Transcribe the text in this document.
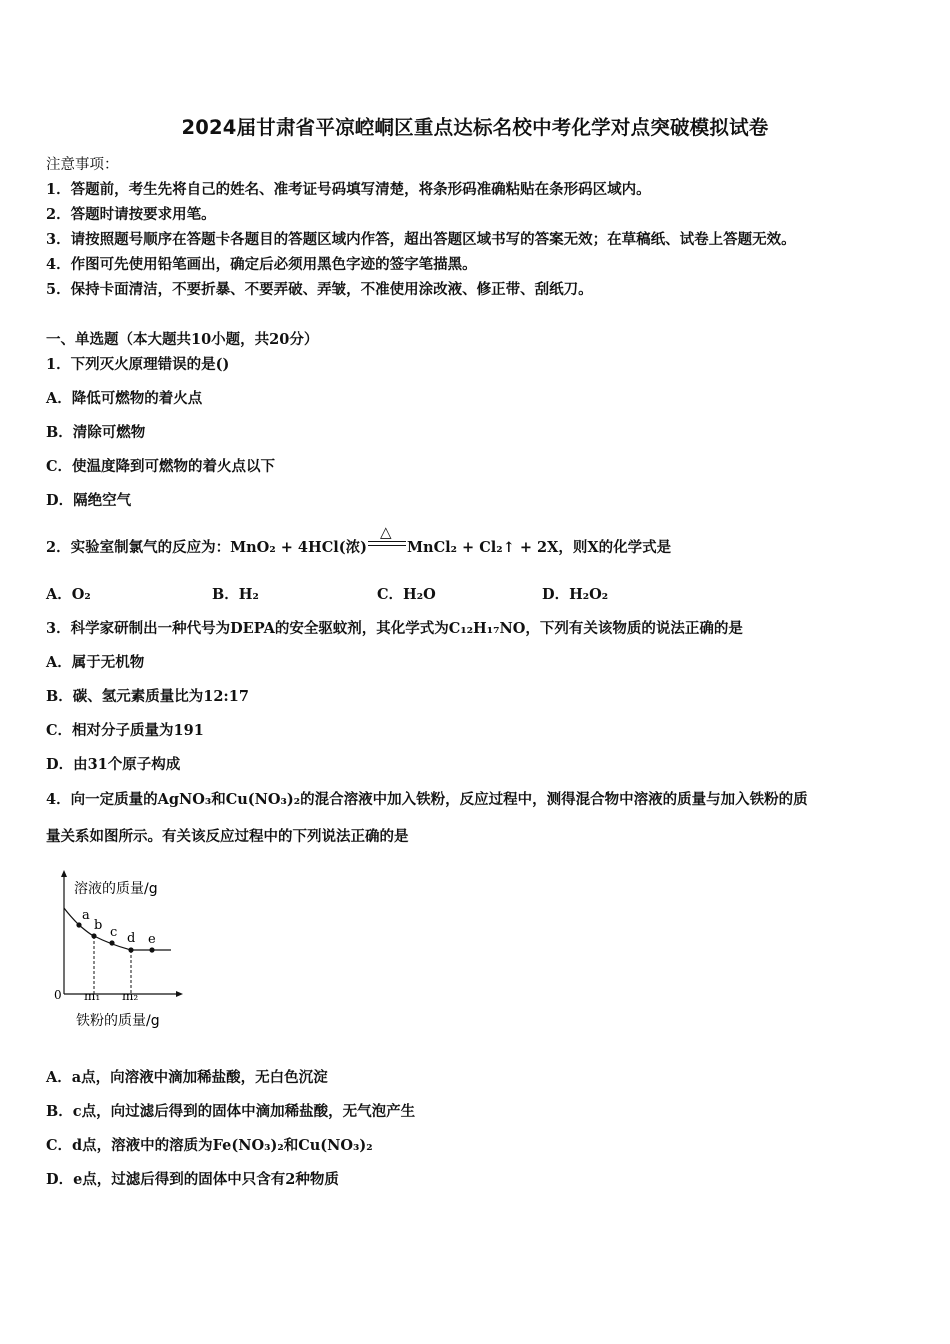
2024届甘肃省平凉崆峒区重点达标名校中考化学对点突破模拟试卷
注意事项：
1．答题前，考生先将自己的姓名、准考证号码填写清楚，将条形码准确粘贴在条形码区域内。
2．答题时请按要求用笔。
3．请按照题号顺序在答题卡各题目的答题区域内作答，超出答题区域书写的答案无效；在草稿纸、试卷上答题无效。
4．作图可先使用铅笔画出，确定后必须用黑色字迹的签字笔描黑。
5．保持卡面清洁，不要折暴、不要弄破、弄皱，不准使用涂改液、修正带、刮纸刀。
一、单选题（本大题共10小题，共20分）
1．下列灭火原理错误的是()
A．降低可燃物的着火点
B．清除可燃物
C．使温度降到可燃物的着火点以下
D．隔绝空气
2．实验室制氯气的反应为：MnO₂ + 4HCl(浓)
△
MnCl₂ + Cl₂↑ + 2X，则X的化学式是
A．O₂	B．H₂	C．H₂O	D．H₂O₂
3．科学家研制出一种代号为DEPA的安全驱蚊剂，其化学式为C₁₂H₁₇NO，下列有关该物质的说法正确的是
A．属于无机物
B．碳、氢元素质量比为12:17
C．相对分子质量为191
D．由31个原子构成
4．向一定质量的AgNO₃和Cu(NO₃)₂的混合溶液中加入铁粉，反应过程中，测得混合物中溶液的质量与加入铁粉的质
量关系如图所示。有关该反应过程中的下列说法正确的是
溶液的质量/g
a
b c d e
0 m₁ m₂
铁粉的质量/g
A．a点，向溶液中滴加稀盐酸，无白色沉淀
B．c点，向过滤后得到的固体中滴加稀盐酸，无气泡产生
C．d点，溶液中的溶质为Fe(NO₃)₂和Cu(NO₃)₂
D．e点，过滤后得到的固体中只含有2种物质
